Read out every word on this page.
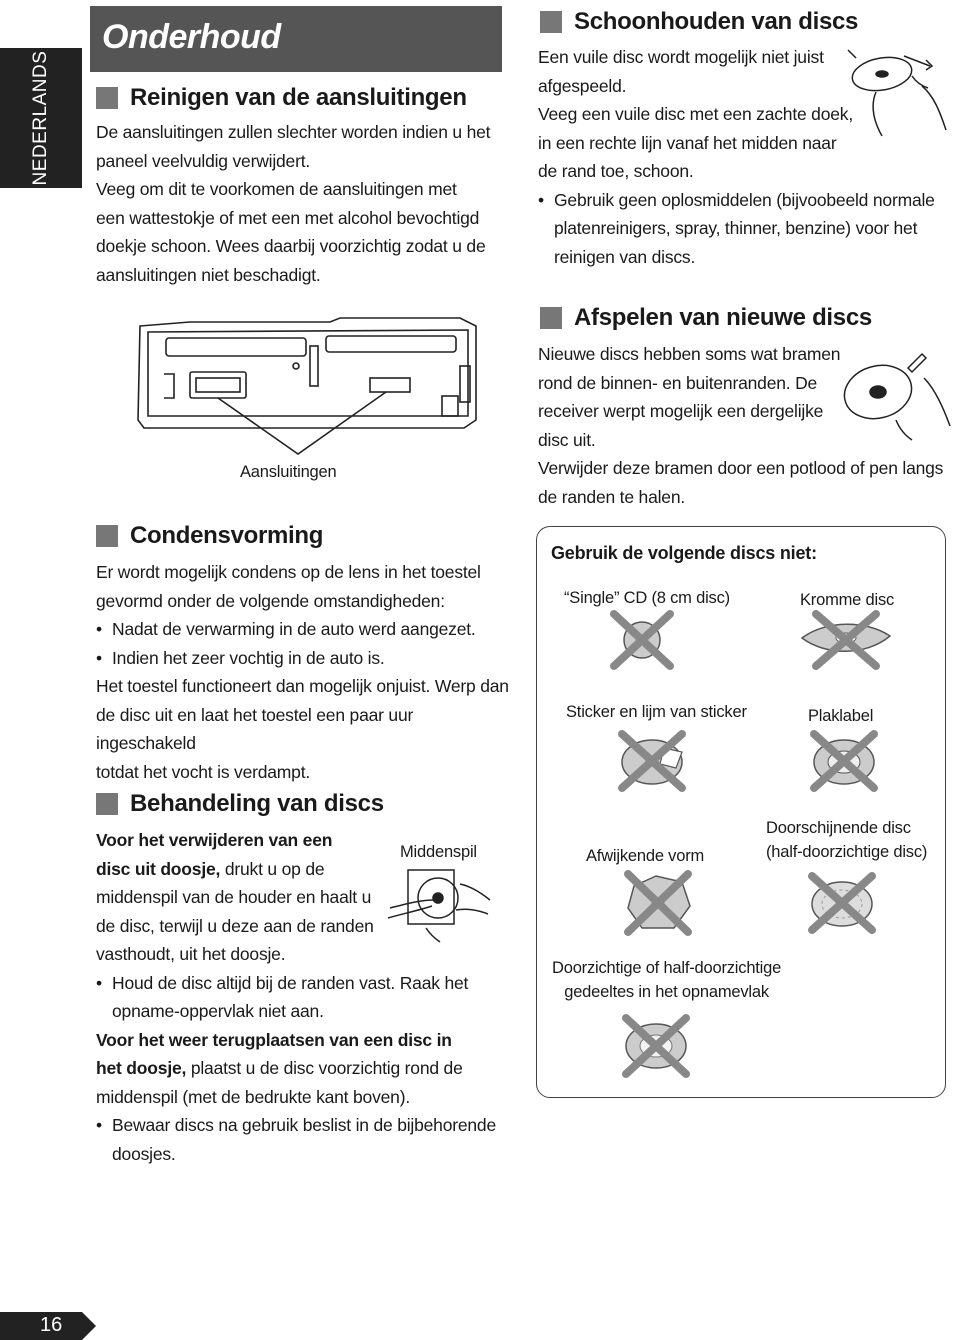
NEDERLANDS
Onderhoud
Reinigen van de aansluitingen

De aansluitingen zullen slechter worden indien u het

paneel veelvuldig verwijdert.

Veeg om dit te voorkomen de aansluitingen met

een wattestokje of met een met alcohol bevochtigd

doekje schoon. Wees daarbij voorzichtig zodat u de

aansluitingen niet beschadigt.

Aansluitingen
Condensvorming

Er wordt mogelijk condens op de lens in het toestel

gevormd onder de volgende omstandigheden:

• Nadat de verwarming in de auto werd aangezet.

• Indien het zeer vochtig in de auto is.

Het toestel functioneert dan mogelijk onjuist. Werp dan

de disc uit en laat het toestel een paar uur ingeschakeld

totdat het vocht is verdampt.

Behandeling van discs

Voor het verwijderen van een

disc uit doosje, drukt u op de

middenspil van de houder en haalt u

de disc, terwijl u deze aan de randen

vasthoudt, uit het doosje.

• Houd de disc altijd bij de randen vast. Raak het

opname-oppervlak niet aan.

Voor het weer terugplaatsen van een disc in

het doosje, plaatst u de disc voorzichtig rond de

middenspil (met de bedrukte kant boven).

• Bewaar discs na gebruik beslist in de bijbehorende

doosjes.

Middenspil
Schoonhouden van discs

Een vuile disc wordt mogelijk niet juist

afgespeeld.

Veeg een vuile disc met een zachte doek,

in een rechte lijn vanaf het midden naar

de rand toe, schoon.

• Gebruik geen oplosmiddelen (bijvoobeeld normale

platenreinigers, spray, thinner, benzine) voor het

reinigen van discs.

Afspelen van nieuwe discs

Nieuwe discs hebben soms wat bramen

rond de binnen- en buitenranden. De

receiver werpt mogelijk een dergelijke

disc uit.

Verwijder deze bramen door een potlood of pen langs

de randen te halen.

Gebruik de volgende discs niet:
“Single” CD (8 cm disc)	Kromme disc
Sticker en lijm van sticker	Plaklabel
Afwijkende vorm
Doorschijnende disc
(half-doorzichtige disc)
Doorzichtige of half-doorzichtige
gedeeltes in het opnamevlak
16
